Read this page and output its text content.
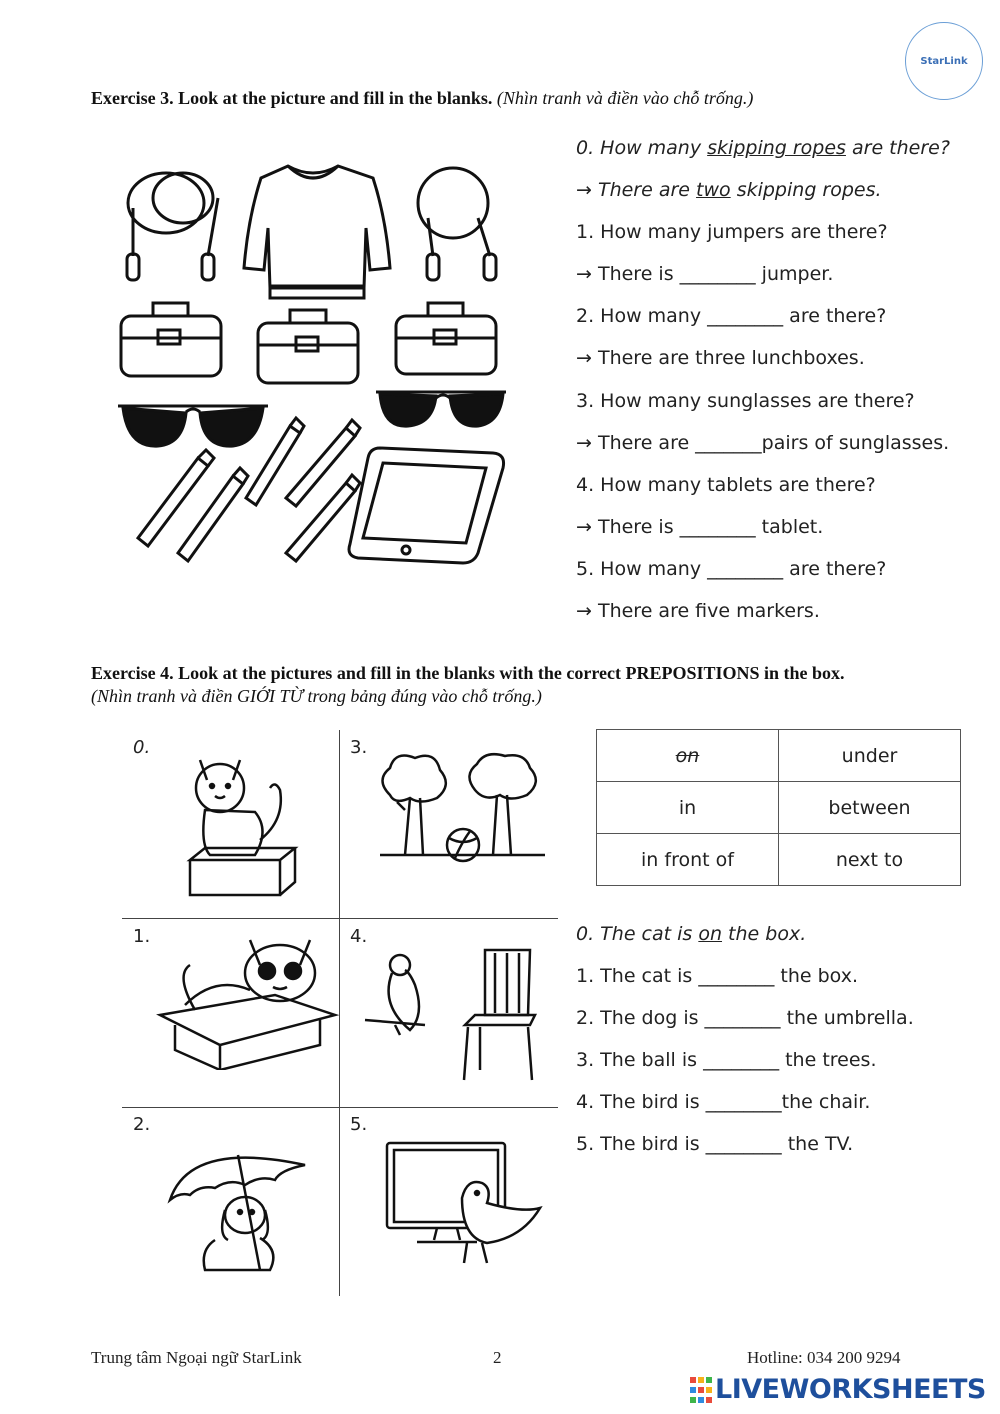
StarLink
Exercise 3. Look at the picture and fill in the blanks. (Nhìn tranh và điền vào chỗ trống.)
0. How many skipping ropes are there?
→ There are two skipping ropes.
1. How many jumpers are there?
→ There is ________ jumper.
2. How many ________ are there?
→ There are three lunchboxes.
3. How many sunglasses are there?
→ There are _______pairs of sunglasses.
4. How many tablets are there?
→ There is ________ tablet.
5. How many ________ are there?
→ There are five markers.
Exercise 4. Look at the pictures and fill in the blanks with the correct PREPOSITIONS in the box.
(Nhìn tranh và điền GIỚI TỪ trong bảng đúng vào chỗ trống.)
0.	3.
1.	4.
2.	5.
on	under
in	between
in front of	next to
0. The cat is on the box.
1. The cat is ________ the box.
2. The dog is ________ the umbrella.
3. The ball is ________ the trees.
4. The bird is ________the chair.
5. The bird is ________ the TV.
Trung tâm Ngoại ngữ StarLink	2	Hotline: 034 200 9294
LIVEWORKSHEETS
